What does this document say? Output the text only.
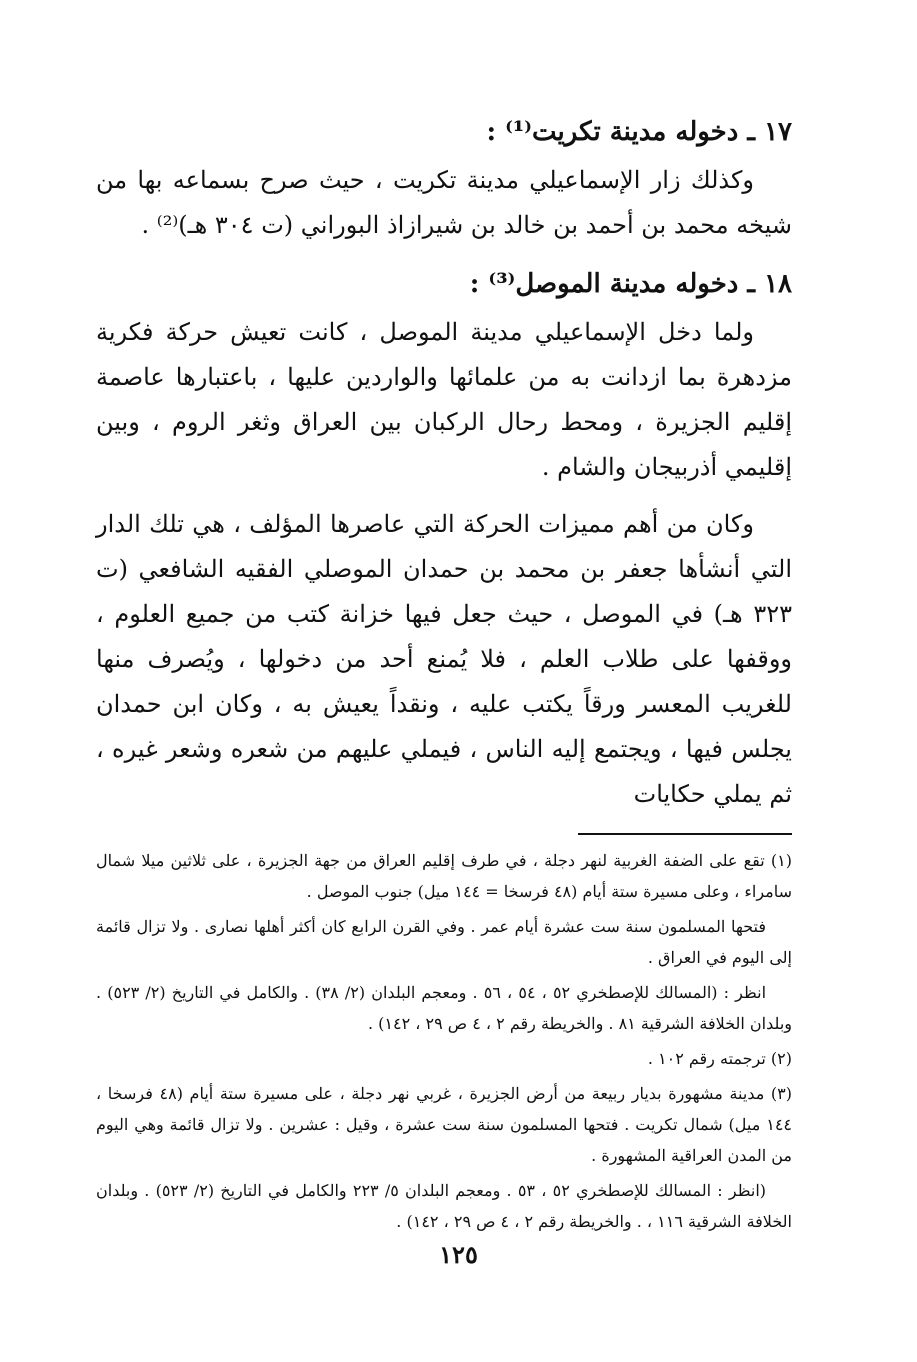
١٧ ـ دخوله مدينة تكريت⁽¹⁾ :

وكذلك زار الإسماعيلي مدينة تكريت ، حيث صرح بسماعه بها من شيخه محمد بن أحمد بن خالد بن شيرازاذ البوراني (ت ٣٠٤ هـ)⁽²⁾ .

١٨ ـ دخوله مدينة الموصل⁽³⁾ :

ولما دخل الإسماعيلي مدينة الموصل ، كانت تعيش حركة فكرية مزدهرة بما ازدانت به من علمائها والواردين عليها ، باعتبارها عاصمة إقليم الجزيرة ، ومحط رحال الركبان بين العراق وثغر الروم ، وبين إقليمي أذربيجان والشام .

وكان من أهم مميزات الحركة التي عاصرها المؤلف ، هي تلك الدار التي أنشأها جعفر بن محمد بن حمدان الموصلي الفقيه الشافعي (ت ٣٢٣ هـ) في الموصل ، حيث جعل فيها خزانة كتب من جميع العلوم ، ووقفها على طلاب العلم ، فلا يُمنع أحد من دخولها ، ويُصرف منها للغريب المعسر ورقاً يكتب عليه ، ونقداً يعيش به ، وكان ابن حمدان يجلس فيها ، ويجتمع إليه الناس ، فيملي عليهم من شعره وشعر غيره ، ثم يملي حكايات

(١) تقع على الضفة الغربية لنهر دجلة ، في طرف إقليم العراق من جهة الجزيرة ، على ثلاثين ميلا شمال سامراء ، وعلى مسيرة ستة أيام (٤٨ فرسخا = ١٤٤ ميل) جنوب الموصل .

فتحها المسلمون سنة ست عشرة أيام عمر . وفي القرن الرابع كان أكثر أهلها نصارى . ولا تزال قائمة إلى اليوم في العراق .

انظر : (المسالك للإصطخري ٥٢ ، ٥٤ ، ٥٦ . ومعجم البلدان (٢/ ٣٨) . والكامل في التاريخ (٢/ ٥٢٣) . وبلدان الخلافة الشرقية ٨١ . والخريطة رقم ٢ ، ٤ ص ٢٩ ، ١٤٢) .

(٢) ترجمته رقم ١٠٢ .

(٣) مدينة مشهورة بديار ربيعة من أرض الجزيرة ، غربي نهر دجلة ، على مسيرة ستة أيام (٤٨ فرسخا ، ١٤٤ ميل) شمال تكريت . فتحها المسلمون سنة ست عشرة ، وقيل : عشرين . ولا تزال قائمة وهي اليوم من المدن العراقية المشهورة .

(انظر : المسالك للإصطخري ٥٢ ، ٥٣ . ومعجم البلدان ٥/ ٢٢٣ والكامل في التاريخ (٢/ ٥٢٣) . وبلدان الخلافة الشرقية ١١٦ ، . والخريطة رقم ٢ ، ٤ ص ٢٩ ، ١٤٢) .

١٢٥
